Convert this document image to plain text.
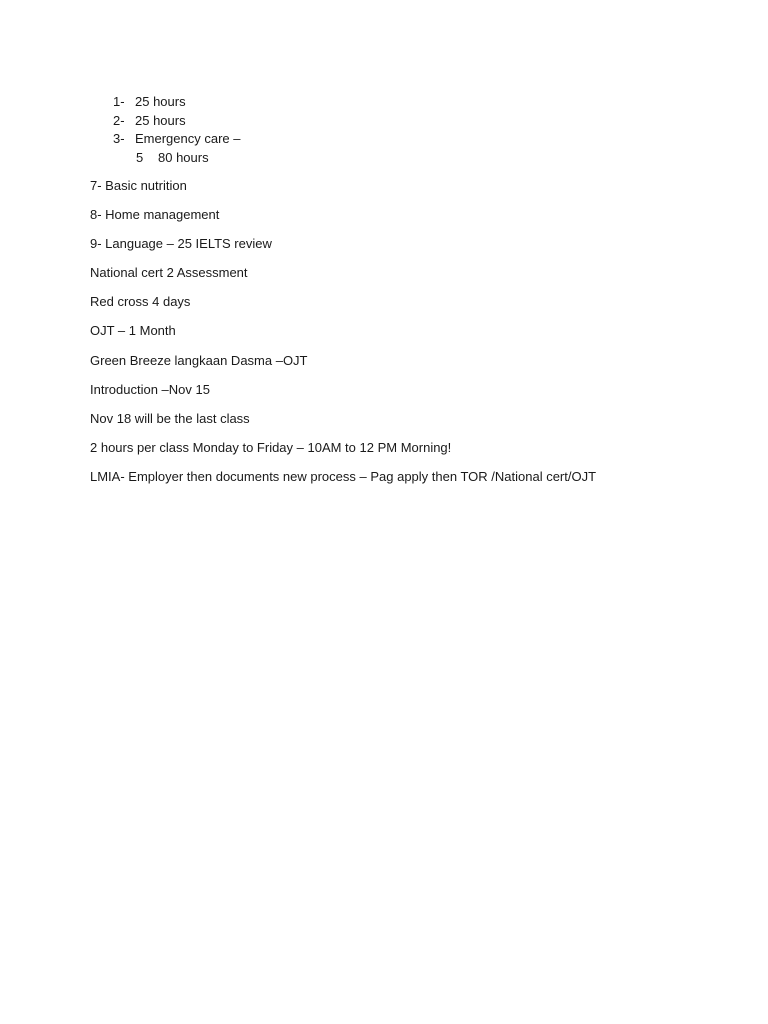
1- 25 hours
2- 25 hours
3- Emergency care –
5 80 hours

7- Basic nutrition

8- Home management

9- Language – 25 IELTS review

National cert 2 Assessment

Red cross 4 days

OJT – 1 Month

Green Breeze langkaan Dasma –OJT

Introduction –Nov 15

Nov 18 will be the last class

2 hours per class Monday to Friday – 10AM to 12 PM Morning!

LMIA- Employer then documents new process – Pag apply then TOR /National cert/OJT
